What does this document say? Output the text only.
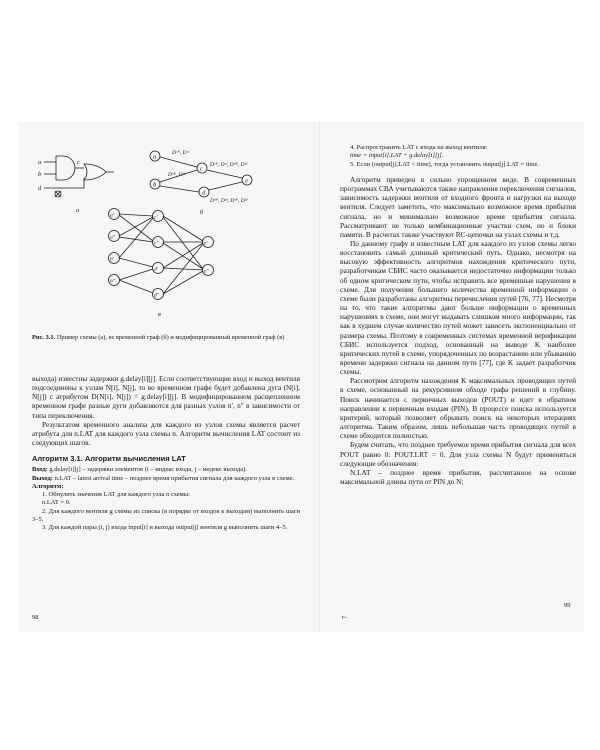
a
b
c
d
a
b
c
d
e
Dᶜᴿ, Dᶜᶠ
Dᵉᴿ, Dᵉᶠ, Dᵈᴿ, Dᵈᶠ
Dᵇᴿ, Dᵇᶠ
Dᵈᴿ, Dᵈᶠ, Dᵇᴿ, Dᵇᶠ
a′
a″
b′
b″
c′
c″
d′
d″
e′
e″
а	б
в
Рис. 3.1. Пример схемы (а), ее временной граф (б) и модифицированный временной граф (в)

выхода) известны задержки g.delay[i][j]. Если соответствующие вход и выход вентиля подсоединены к узлам N[i], N[j], то во временном графе будет добавлена дуга (N[i], N[j]) с атрибутом D(N[i], N[j]) = g.delay[i][j]. В модифицированном расщепленном временном графе разные дуги добавляются для разных узлов n′, n″ в зависимости от типа переключения.

Результатом временного анализа для каждого из узлов схемы является расчет атрибута для n.LAT для каждого узла схемы n. Алгоритм вычисления LAT состоит из следующих шагов.

Алгоритм 3.1. Алгоритм вычисления LAT

Вход: g.delay[i][j] – задержки элементов (i – индекс входа, j – индекс выхода).

Выход: n.LAT – latest arrival time – позднее время прибытия сигнала для каждого узла в схеме.

Алгоритм:

1. Обнулить значения LAT для каждого узла n схемы:

n.LAT = 0.

2. Для каждого вентиля g схемы из списка (в порядке от входов к выходам) выполнить шаги 3–5.

3. Для каждой пары (i, j) входа input[i] и выхода output[j] вентиля g выполнить шаги 4–5.

98

4. Распространить LAT с входа на выход вентиля:

time = input[i].LAT + g.delay[i][j].

5. Если (output[j].LAT < time), тогда установить output[j].LAT = time.

Алгоритм приведен в сильно упрощенном виде. В современных программах СВА учитываются также направления переключения сигналов, зависимость задержки вентиля от входного фронта и нагрузки на выходе вентиля. Следует заметить, что максимально возможное время прибытия сигнала, но и минимально возможное время прибытия сигнала. Рассматривают не только комбинационные участки схем, но и блоки памяти. В расчетах также участвуют RC-цепочки на узлах схемы и т.д.

По данному графу и известным LAT для каждого из узлов схемы легко восстановить самый длинный критический путь. Однако, несмотря на высокую эффективность алгоритмов нахождения критического пути, разработчикам СБИС часто оказывается недостаточно информации только об одном критическом пути, чтобы исправить все временные нарушения в схеме. Для получения большего количества временной информации о схеме были разработаны алгоритмы перечисления путей [76, 77]. Несмотря на то, что такие алгоритмы дают больше информации о временных нарушениях в схеме, они могут выдавать слишком много информации, так как в худшем случае количество путей может зависеть экспоненциально от размера схемы. Поэтому в современных системах временной верификации СБИС используется подход, основанный на выводе K наиболее критических путей в схеме, упорядоченных по возрастанию или убыванию времени задержки сигнала на данном пути [77], где K задает разработчик схемы.

Рассмотрим алгоритм нахождения K максимальных проводящих путей в схеме, основанный на рекурсивном обходе графа решений в глубину. Поиск начинается с первичных выходов (POUT) и идет в обратном направлении к первичным входам (PIN). В процессе поиска используется критерий, который позволяет обрывать поиск на некоторых итерациях алгоритма. Таким образом, лишь небольшая часть проводящих путей в схеме обходится полностью.

Будем считать, что позднее требуемое время прибытия сигнала для всех POUT равно 0: POUT.LRT = 0. Для узла схемы N будут применяться следующие обозначения:

N.LAT – позднее время прибытия, рассчитанное на основе максимальной длины пути от PIN до N;

г-
99
